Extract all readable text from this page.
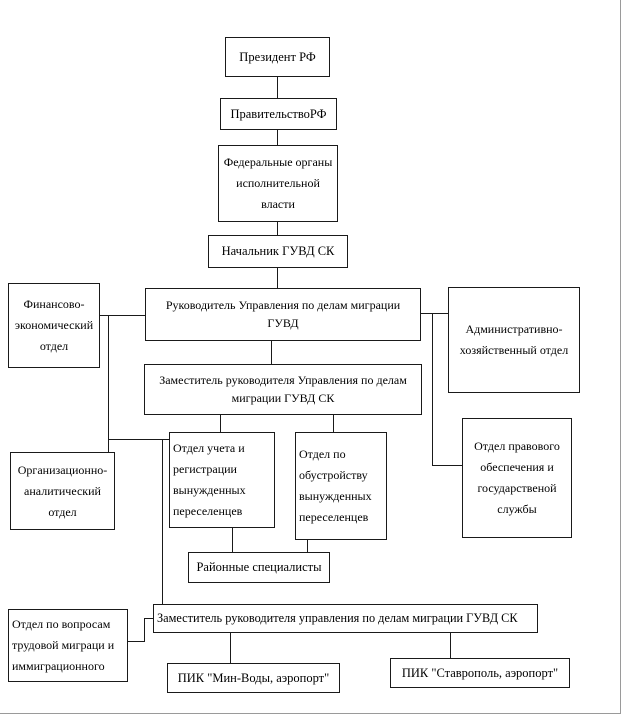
Президент РФ
ПравительствоРФ
Федеральные органы исполнительной власти
Начальник ГУВД СК
Руководитель Управления по делам миграции ГУВД
Финансово-экономический отдел
Административно-хозяйственный отдел
Заместитель руководителя Управления по делам миграции ГУВД СК
Отдел учета и регистрации вынужденных переселенцев
Отдел по обустройству вынужденных переселенцев
Организационно-аналитический отдел
Отдел правового обеспечения и государственой службы
Районные специалисты
Заместитель руководителя управления по делам миграции ГУВД СК
Отдел по вопросам трудовой миграци и иммиграционного
ПИК "Мин-Воды, аэропорт"	ПИК "Ставрополь, аэропорт"
